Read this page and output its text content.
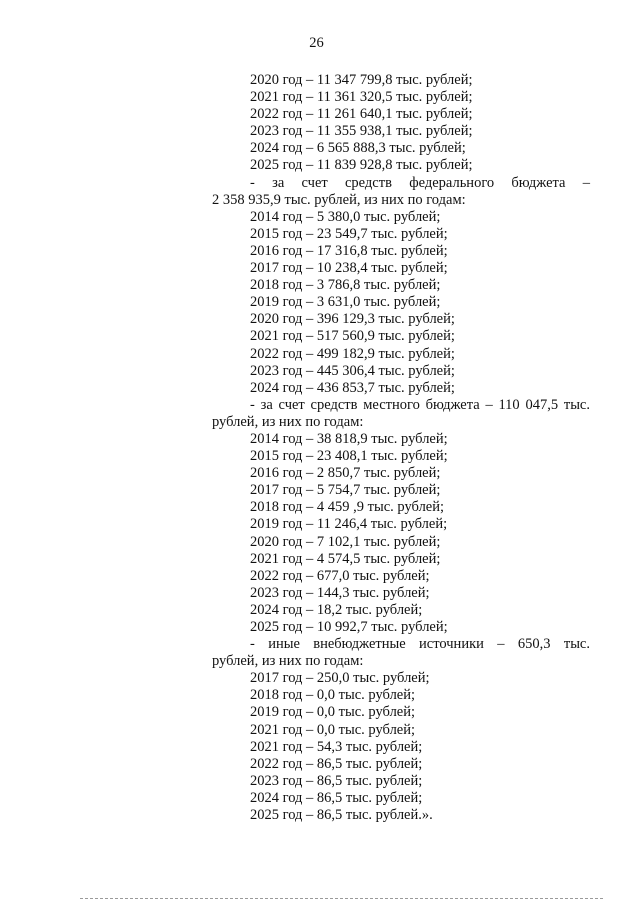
26
2020 год – 11 347 799,8 тыс. рублей;
2021 год – 11 361 320,5 тыс. рублей;
2022 год – 11 261 640,1 тыс. рублей;
2023 год – 11 355 938,1 тыс. рублей;
2024 год – 6 565 888,3 тыс. рублей;
2025 год – 11 839 928,8 тыс. рублей;
- за счет средств федерального бюджета –
2 358 935,9 тыс. рублей, из них по годам:
2014 год – 5 380,0 тыс. рублей;
2015 год – 23 549,7 тыс. рублей;
2016 год – 17 316,8 тыс. рублей;
2017 год – 10 238,4 тыс. рублей;
2018 год – 3 786,8 тыс. рублей;
2019 год – 3 631,0 тыс. рублей;
2020 год – 396 129,3 тыс. рублей;
2021 год – 517 560,9 тыс. рублей;
2022 год – 499 182,9 тыс. рублей;
2023 год – 445 306,4 тыс. рублей;
2024 год – 436 853,7 тыс. рублей;
- за счет средств местного бюджета – 110 047,5 тыс.
рублей, из них по годам:
2014 год – 38 818,9 тыс. рублей;
2015 год – 23 408,1 тыс. рублей;
2016 год – 2 850,7 тыс. рублей;
2017 год – 5 754,7 тыс. рублей;
2018 год – 4 459 ,9 тыс. рублей;
2019 год – 11 246,4 тыс. рублей;
2020 год – 7 102,1 тыс. рублей;
2021 год – 4 574,5 тыс. рублей;
2022 год – 677,0 тыс. рублей;
2023 год – 144,3 тыс. рублей;
2024 год – 18,2 тыс. рублей;
2025 год – 10 992,7 тыс. рублей;
- иные внебюджетные источники – 650,3 тыс.
рублей, из них по годам:
2017 год – 250,0 тыс. рублей;
2018 год – 0,0 тыс. рублей;
2019 год – 0,0 тыс. рублей;
2021 год – 0,0 тыс. рублей;
2021 год – 54,3 тыс. рублей;
2022 год – 86,5 тыс. рублей;
2023 год – 86,5 тыс. рублей;
2024 год – 86,5 тыс. рублей;
2025 год – 86,5 тыс. рублей.».
